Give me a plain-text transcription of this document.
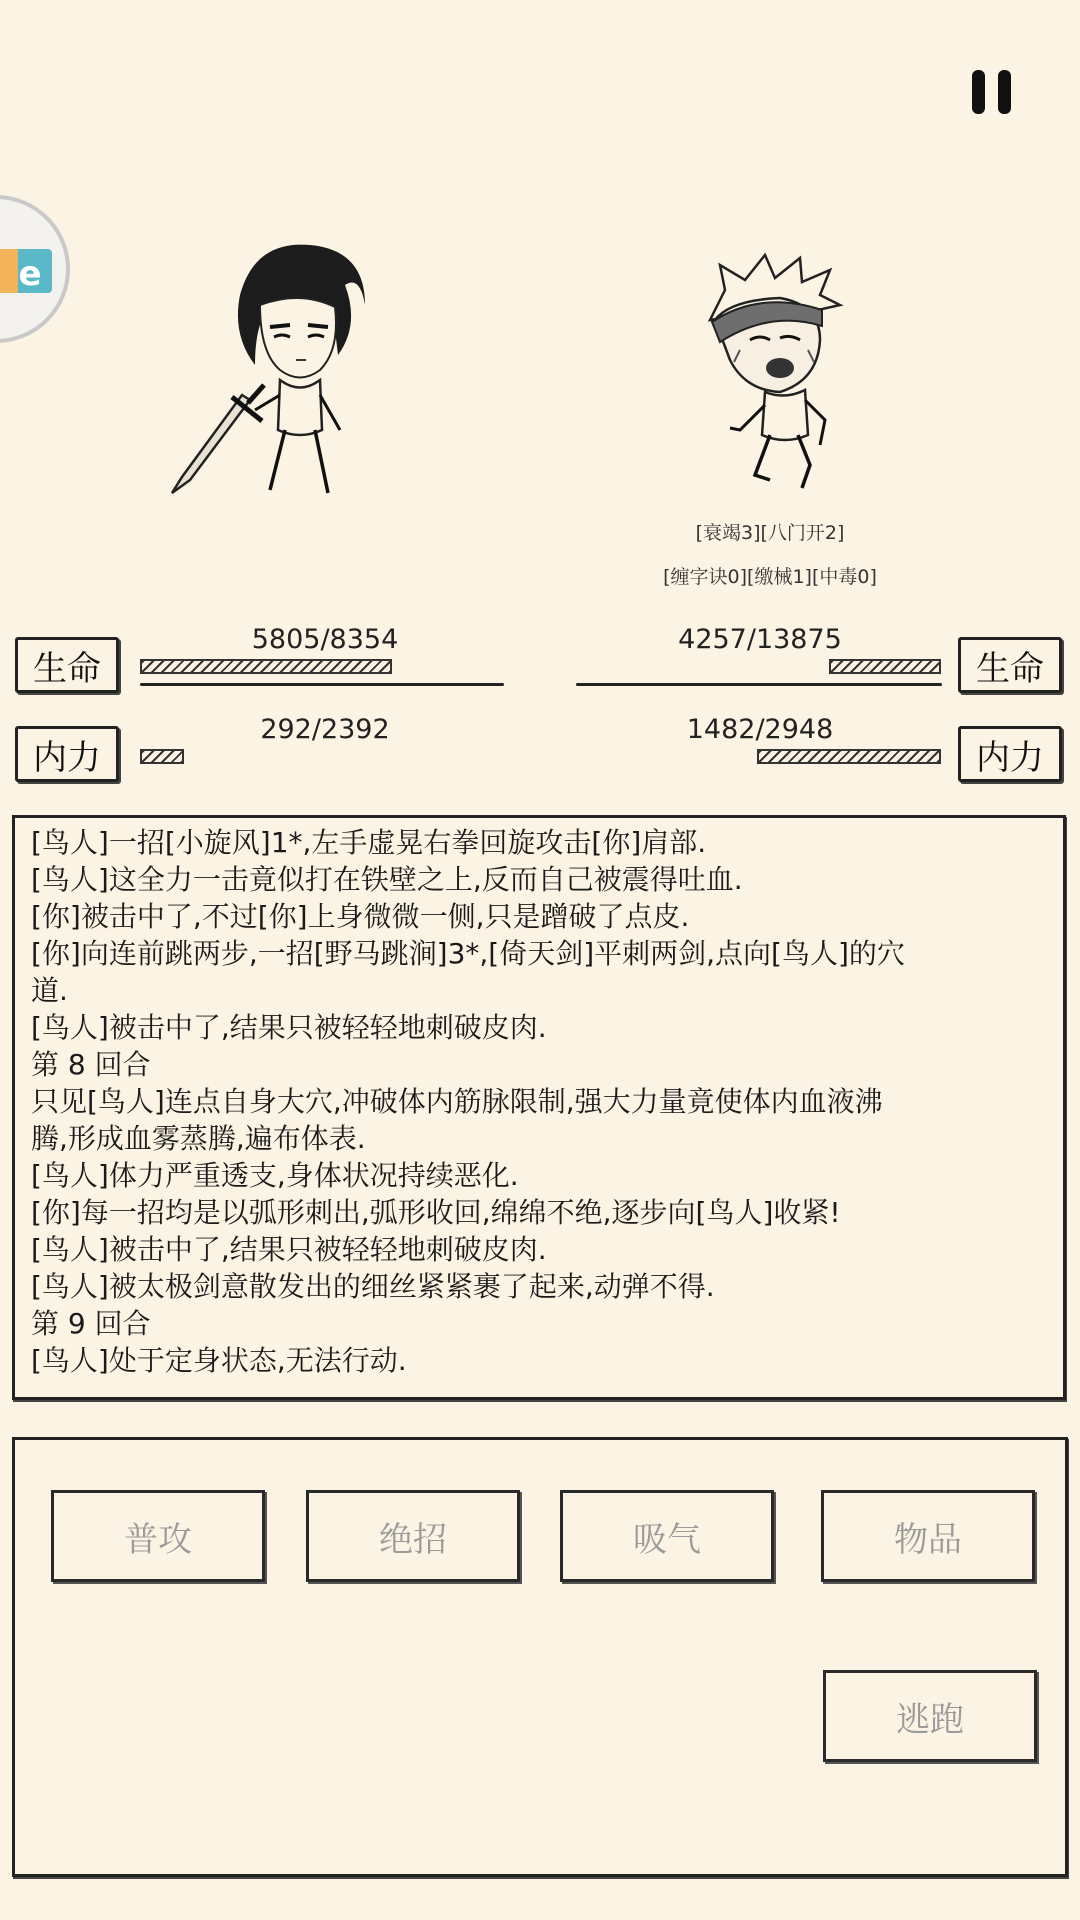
e
[衰竭3][八门开2]
[缠字诀0][缴械1][中毒0]
生命
5805/8354
内力
292/2392
生命
4257/13875
内力
1482/2948
[鸟人]一招[小旋风]1*,左手虚晃右拳回旋攻击[你]肩部.
[鸟人]这全力一击竟似打在铁壁之上,反而自己被震得吐血.
[你]被击中了,不过[你]上身微微一侧,只是蹭破了点皮.
[你]向连前跳两步,一招[野马跳涧]3*,[倚天剑]平刺两剑,点向[鸟人]的穴
道.
[鸟人]被击中了,结果只被轻轻地刺破皮肉.
第 8 回合
只见[鸟人]连点自身大穴,冲破体内筋脉限制,强大力量竟使体内血液沸
腾,形成血雾蒸腾,遍布体表.
[鸟人]体力严重透支,身体状况持续恶化.
[你]每一招均是以弧形刺出,弧形收回,绵绵不绝,逐步向[鸟人]收紧!
[鸟人]被击中了,结果只被轻轻地刺破皮肉.
[鸟人]被太极剑意散发出的细丝紧紧裹了起来,动弹不得.
第 9 回合
[鸟人]处于定身状态,无法行动.
普攻	绝招	吸气	物品
逃跑
